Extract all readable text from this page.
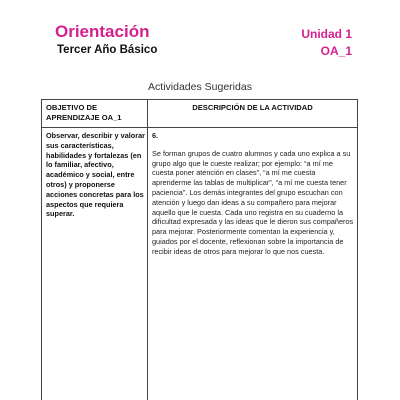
Orientación
Tercer Año Básico
Unidad 1
OA_1
Actividades Sugeridas
OBJETIVO DE APRENDIZAJE OA_1
DESCRIPCIÓN DE LA ACTIVIDAD
Observar, describir y valorar sus características, habilidades y fortalezas (en lo familiar, afectivo, académico y social, entre otros) y proponerse acciones concretas para los aspectos que requiera superar.
6.
Se forman grupos de cuatro alumnos y cada uno explica a su grupo algo que le cueste realizar; por ejemplo: “a mí me cuesta poner atención en clases”, “a mí me cuesta aprenderme las tablas de multiplicar”, “a mí me cuesta tener paciencia”. Los demás integrantes del grupo escuchan con atención y luego dan ideas a su compañero para mejorar aquello que le cuesta. Cada uno registra en su cuaderno la dificultad expresada y las ideas que le dieron sus compañeros para mejorar. Posteriormente comentan la experiencia y, guiados por el docente, reflexionan sobre la importancia de recibir ideas de otros para mejorar lo que nos cuesta.
